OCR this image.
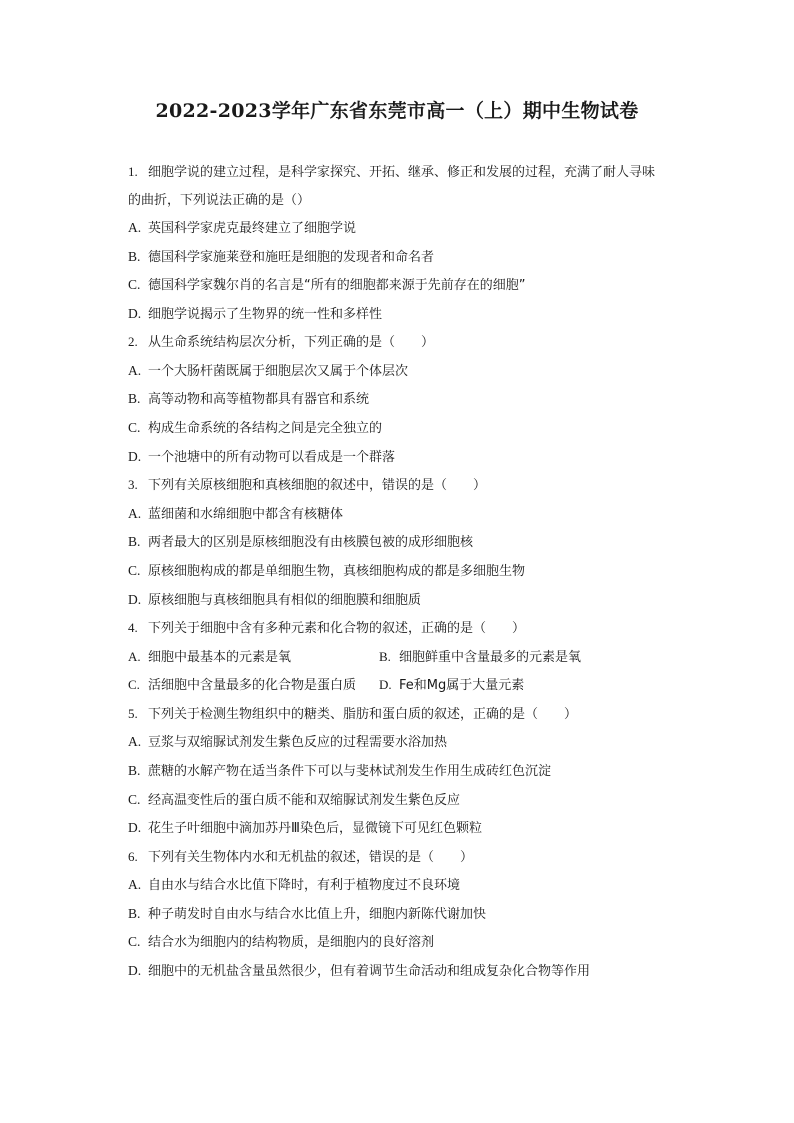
2022-2023学年广东省东莞市高一（上）期中生物试卷
1. 细胞学说的建立过程，是科学家探究、开拓、继承、修正和发展的过程，充满了耐人寻味
的曲折，下列说法正确的是（）
A. 英国科学家虎克最终建立了细胞学说
B. 德国科学家施莱登和施旺是细胞的发现者和命名者
C. 德国科学家魏尔肖的名言是“所有的细胞都来源于先前存在的细胞”
D. 细胞学说揭示了生物界的统一性和多样性
2. 从生命系统结构层次分析，下列正确的是（　　）
A. 一个大肠杆菌既属于细胞层次又属于个体层次
B. 高等动物和高等植物都具有器官和系统
C. 构成生命系统的各结构之间是完全独立的
D. 一个池塘中的所有动物可以看成是一个群落
3. 下列有关原核细胞和真核细胞的叙述中，错误的是（　　）
A. 蓝细菌和水绵细胞中都含有核糖体
B. 两者最大的区别是原核细胞没有由核膜包被的成形细胞核
C. 原核细胞构成的都是单细胞生物，真核细胞构成的都是多细胞生物
D. 原核细胞与真核细胞具有相似的细胞膜和细胞质
4. 下列关于细胞中含有多种元素和化合物的叙述，正确的是（　　）
A. 细胞中最基本的元素是氧	B. 细胞鲜重中含量最多的元素是氧
C. 活细胞中含量最多的化合物是蛋白质	D. Fe和Mg属于大量元素
5. 下列关于检测生物组织中的糖类、脂肪和蛋白质的叙述，正确的是（　　）
A. 豆浆与双缩脲试剂发生紫色反应的过程需要水浴加热
B. 蔗糖的水解产物在适当条件下可以与斐林试剂发生作用生成砖红色沉淀
C. 经高温变性后的蛋白质不能和双缩脲试剂发生紫色反应
D. 花生子叶细胞中滴加苏丹Ⅲ染色后，显微镜下可见红色颗粒
6. 下列有关生物体内水和无机盐的叙述，错误的是（　　）
A. 自由水与结合水比值下降时，有利于植物度过不良环境
B. 种子萌发时自由水与结合水比值上升，细胞内新陈代谢加快
C. 结合水为细胞内的结构物质，是细胞内的良好溶剂
D. 细胞中的无机盐含量虽然很少，但有着调节生命活动和组成复杂化合物等作用
